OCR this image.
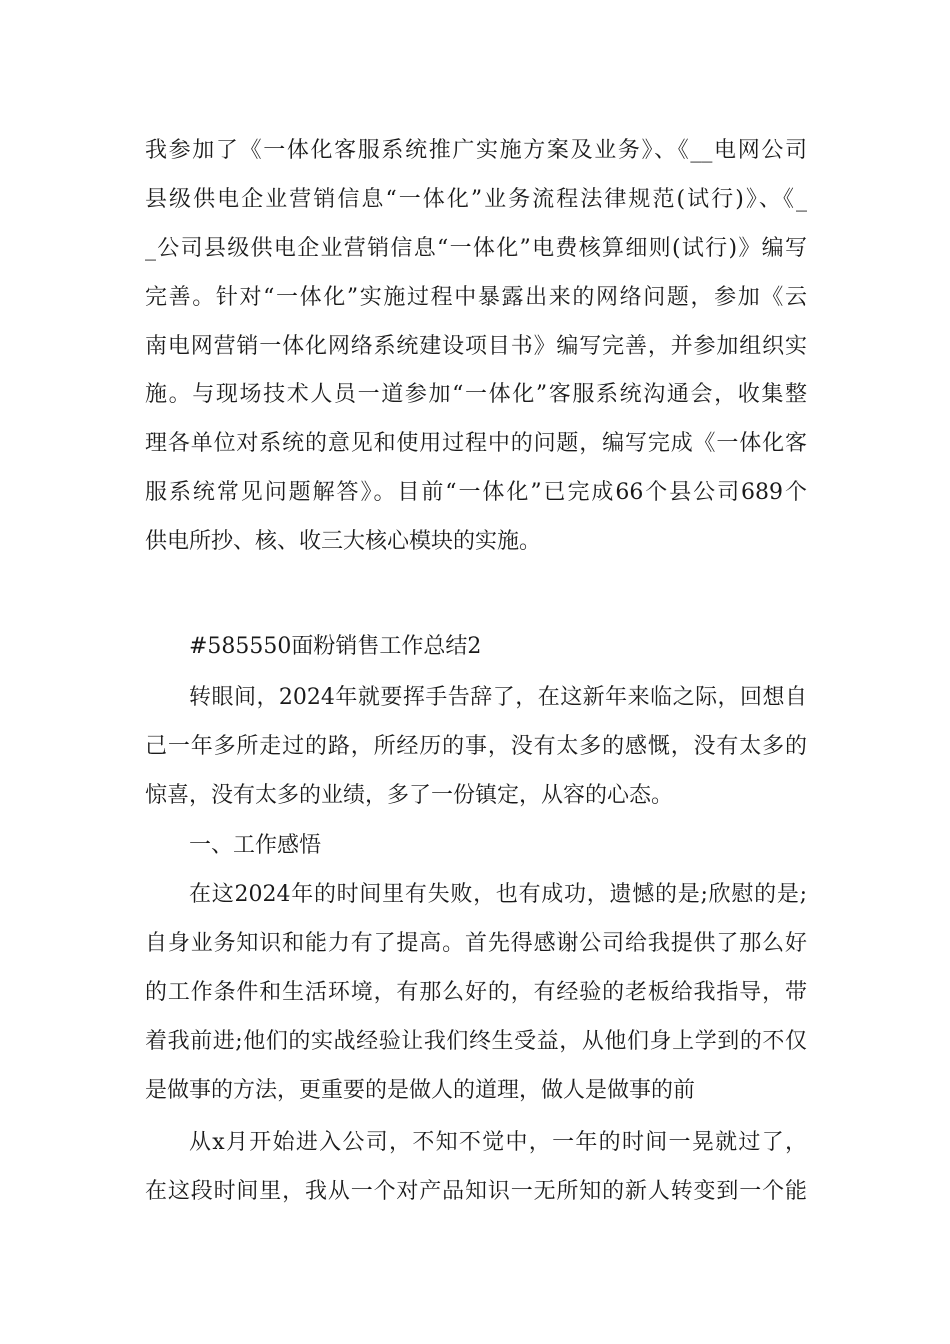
我参加了《一体化客服系统推广实施方案及业务》、《__电网公司
县级供电企业营销信息“一体化”业务流程法律规范(试行)》、《_
_公司县级供电企业营销信息“一体化”电费核算细则(试行)》编写
完善。针对“一体化”实施过程中暴露出来的网络问题，参加《云
南电网营销一体化网络系统建设项目书》编写完善，并参加组织实
施。与现场技术人员一道参加“一体化”客服系统沟通会，收集整
理各单位对系统的意见和使用过程中的问题，编写完成《一体化客
服系统常见问题解答》。目前“一体化”已完成66个县公司689个
供电所抄、核、收三大核心模块的实施。
#585550面粉销售工作总结2
转眼间，2024年就要挥手告辞了，在这新年来临之际，回想自
己一年多所走过的路，所经历的事，没有太多的感慨，没有太多的
惊喜，没有太多的业绩，多了一份镇定，从容的心态。
一、工作感悟
在这2024年的时间里有失败，也有成功，遗憾的是;欣慰的是;
自身业务知识和能力有了提高。首先得感谢公司给我提供了那么好
的工作条件和生活环境，有那么好的，有经验的老板给我指导，带
着我前进;他们的实战经验让我们终生受益，从他们身上学到的不仅
是做事的方法，更重要的是做人的道理，做人是做事的前
从x月开始进入公司，不知不觉中，一年的时间一晃就过了，
在这段时间里，我从一个对产品知识一无所知的新人转变到一个能
